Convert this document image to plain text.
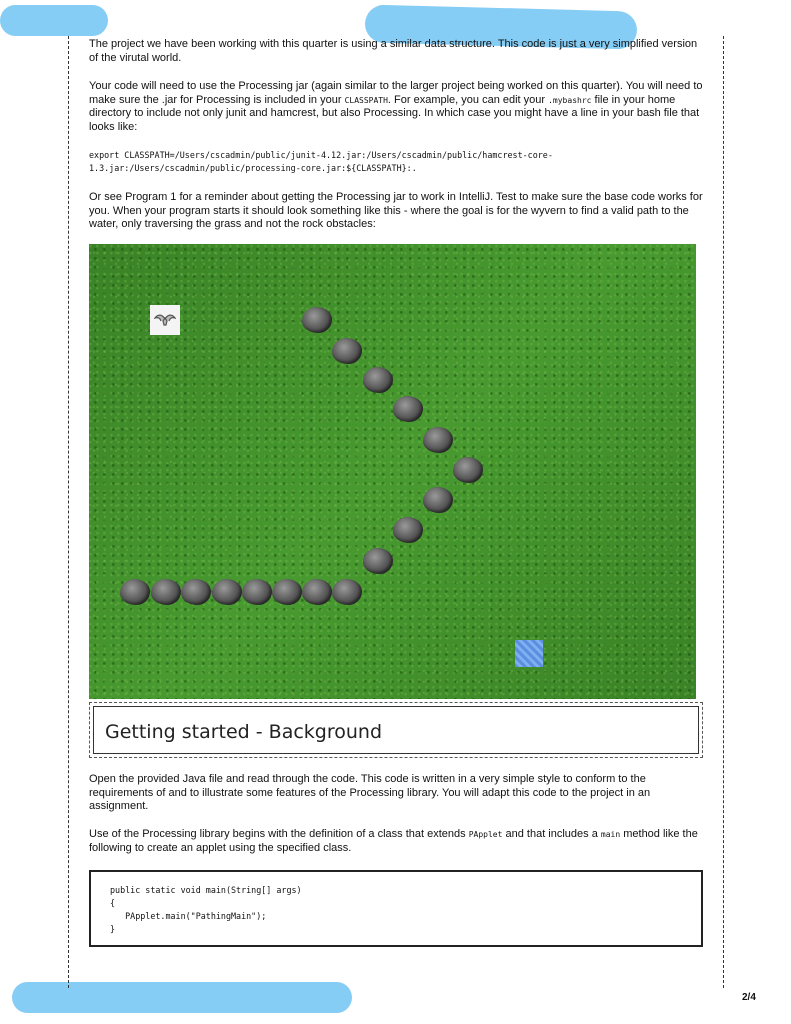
The project we have been working with this quarter is using a similar data structure. This code is just a very simplified version of the virutal world.
Your code will need to use the Processing jar (again similar to the larger project being worked on this quarter). You will need to make sure the .jar for Processing is included in your CLASSPATH. For example, you can edit your .mybashrc file in your home directory to include not only junit and hamcrest, but also Processing. In which case you might have a line in your bash file that looks like:
export CLASSPATH=/Users/cscadmin/public/junit-4.12.jar:/Users/cscadmin/public/hamcrest-core-
1.3.jar:/Users/cscadmin/public/processing-core.jar:${CLASSPATH}:.
Or see Program 1 for a reminder about getting the Processing jar to work in IntelliJ. Test to make sure the base code works for you. When your program starts it should look something like this - where the goal is for the wyvern to find a valid path to the water, only traversing the grass and not the rock obstacles:
Getting started - Background
Open the provided Java file and read through the code. This code is written in a very simple style to conform to the requirements of and to illustrate some features of the Processing library. You will adapt this code to the project in an assignment.
Use of the Processing library begins with the definition of a class that extends PApplet and that includes a main method like the following to create an applet using the specified class.
public static void main(String[] args)
{
PApplet.main("PathingMain");
}
2/4
